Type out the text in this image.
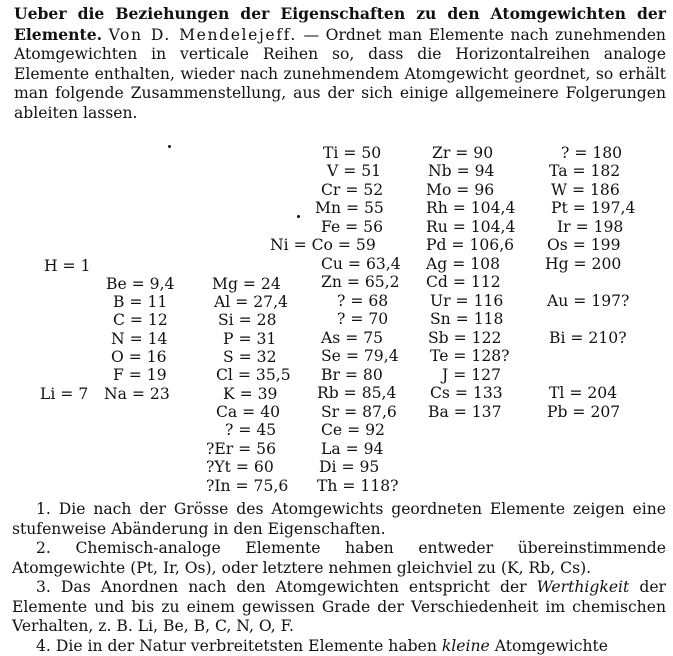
Ueber die Beziehungen der Eigenschaften zu den Atomgewichten der Elemente. Von D. Mendelejeff. — Ordnet man Elemente nach zunehmenden Atomgewichten in verticale Reihen so, dass die Horizontalreihen analoge Elemente enthalten, wieder nach zunehmendem Atomgewicht geordnet, so erhält man folgende Zusammenstellung, aus der sich einige allgemeinere Folgerungen ableiten lassen.
H = 1
Li = 7
Be = 9,4
B = 11
C = 12
N = 14
O = 16
F = 19
Na = 23
Mg = 24
Al = 27,4
Si = 28
P = 31
S = 32
Cl = 35,5
K = 39
Ca = 40
? = 45
?Er = 56
?Yt = 60
?In = 75,6
Ti = 50
V = 51
Cr = 52
Mn = 55
Fe = 56
Ni = Co = 59
Cu = 63,4
Zn = 65,2
? = 68
? = 70
As = 75
Se = 79,4
Br = 80
Rb = 85,4
Sr = 87,6
Ce = 92
La = 94
Di = 95
Th = 118?
Zr = 90
Nb = 94
Mo = 96
Rh = 104,4
Ru = 104,4
Pd = 106,6
Ag = 108
Cd = 112
Ur = 116
Sn = 118
Sb = 122
Te = 128?
J = 127
Cs = 133
Ba = 137
? = 180
Ta = 182
W = 186
Pt = 197,4
Ir = 198
Os = 199
Hg = 200
Au = 197?
Bi = 210?
Tl = 204
Pb = 207

1. Die nach der Grösse des Atomgewichts geordneten Elemente zeigen eine stufenweise Abänderung in den Eigenschaften.

2. Chemisch-analoge Elemente haben entweder übereinstimmende Atomgewichte (Pt, Ir, Os), oder letztere nehmen gleichviel zu (K, Rb, Cs).

3. Das Anordnen nach den Atomgewichten entspricht der Werthigkeit der Elemente und bis zu einem gewissen Grade der Verschiedenheit im chemischen Verhalten, z. B. Li, Be, B, C, N, O, F.

4. Die in der Natur verbreitetsten Elemente haben kleine Atomgewichte
